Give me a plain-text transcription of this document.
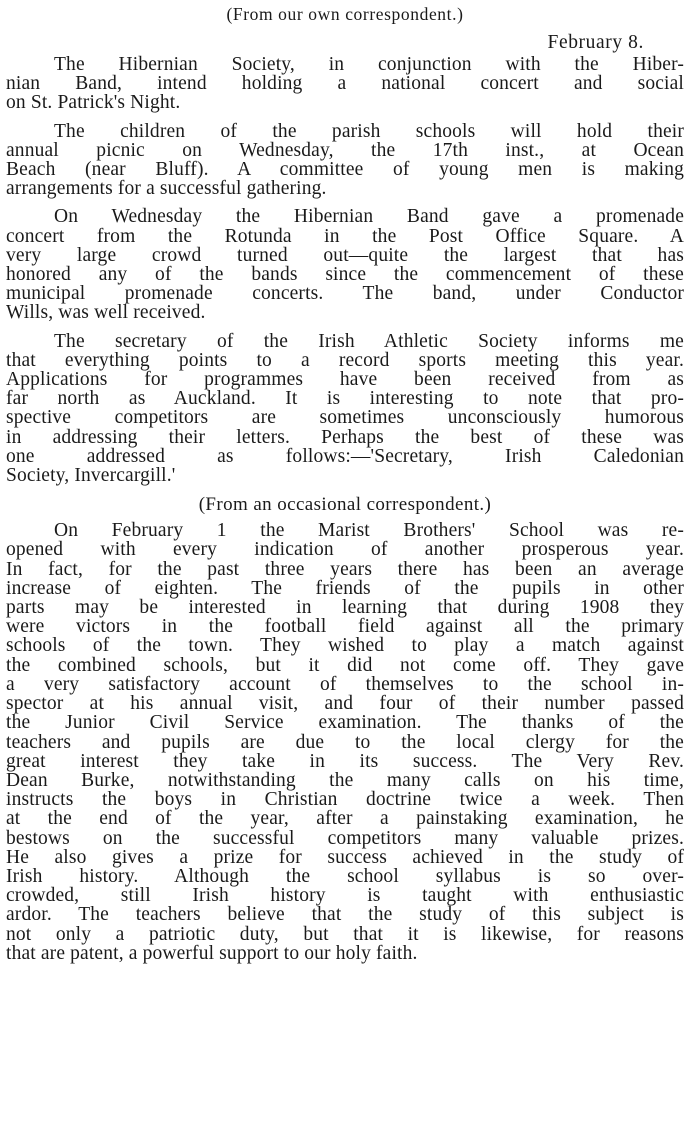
(From our own correspondent.)
February 8.
The Hibernian Society, in conjunction with the Hiber-
nian Band, intend holding a national concert and social
on St. Patrick's Night.
The children of the parish schools will hold their
annual picnic on Wednesday, the 17th inst., at Ocean
Beach (near Bluff). A committee of young men is making
arrangements for a successful gathering.
On Wednesday the Hibernian Band gave a promenade
concert from the Rotunda in the Post Office Square. A
very large crowd turned out—quite the largest that has
honored any of the bands since the commencement of these
municipal promenade concerts. The band, under Conductor
Wills, was well received.
The secretary of the Irish Athletic Society informs me
that everything points to a record sports meeting this year.
Applications for programmes have been received from as
far north as Auckland. It is interesting to note that pro-
spective competitors are sometimes unconsciously humorous
in addressing their letters. Perhaps the best of these was
one addressed as follows:—'Secretary, Irish Caledonian
Society, Invercargill.'
(From an occasional correspondent.)
On February 1 the Marist Brothers' School was re-
opened with every indication of another prosperous year.
In fact, for the past three years there has been an average
increase of eighten. The friends of the pupils in other
parts may be interested in learning that during 1908 they
were victors in the football field against all the primary
schools of the town. They wished to play a match against
the combined schools, but it did not come off. They gave
a very satisfactory account of themselves to the school in-
spector at his annual visit, and four of their number passed
the Junior Civil Service examination. The thanks of the
teachers and pupils are due to the local clergy for the
great interest they take in its success. The Very Rev.
Dean Burke, notwithstanding the many calls on his time,
instructs the boys in Christian doctrine twice a week. Then
at the end of the year, after a painstaking examination, he
bestows on the successful competitors many valuable prizes.
He also gives a prize for success achieved in the study of
Irish history. Although the school syllabus is so over-
crowded, still Irish history is taught with enthusiastic
ardor. The teachers believe that the study of this subject is
not only a patriotic duty, but that it is likewise, for reasons
that are patent, a powerful support to our holy faith.
